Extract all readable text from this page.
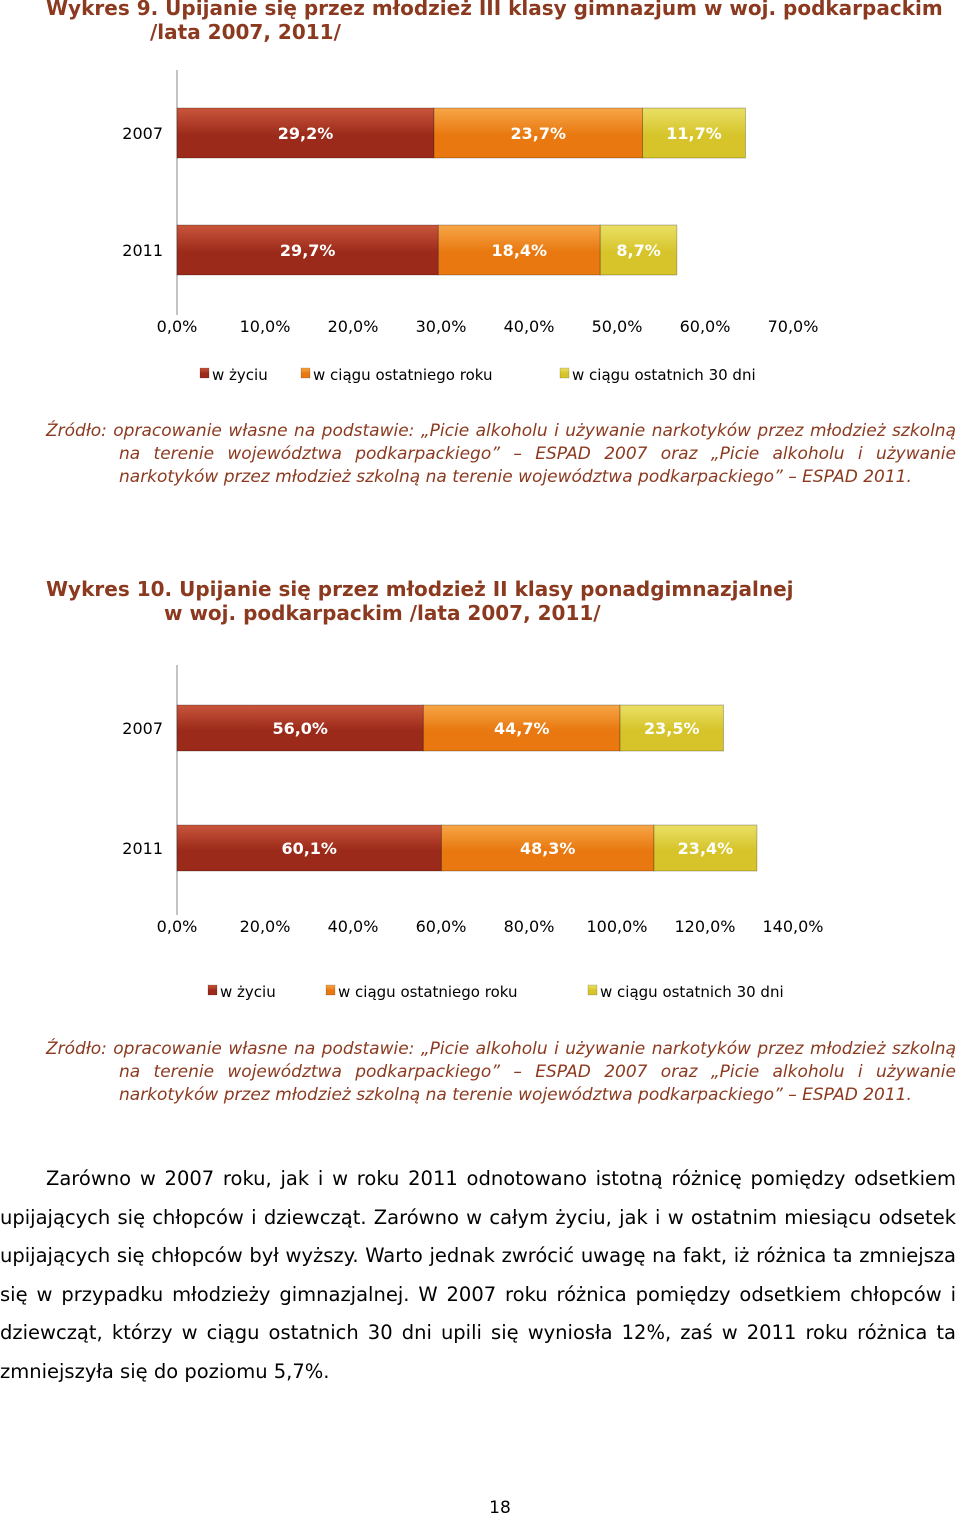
Wykres 9. Upijanie się przez młodzież III klasy gimnazjum w woj. podkarpackim
/lata 2007, 2011/
2007	29,2%	23,7%	11,7%
2011	29,7%	18,4%	8,7%
0,0%	10,0% 20,0% 30,0% 40,0% 50,0% 60,0% 70,0%
w życiu	w ciągu ostatniego roku	w ciągu ostatnich 30 dni
Źródło: opracowanie własne na podstawie: „Picie alkoholu i używanie narkotyków przez młodzież szkolną na terenie województwa podkarpackiego” – ESPAD 2007 oraz „Picie alkoholu i używanie narkotyków przez młodzież szkolną na terenie województwa podkarpackiego” – ESPAD 2011.
Wykres 10. Upijanie się przez młodzież II klasy ponadgimnazjalnej
w woj. podkarpackim /lata 2007, 2011/
2007	56,0%	44,7%	23,5%
2011	60,1%	48,3%	23,4%
0,0%	20,0% 40,0% 60,0% 80,0% 100,0% 120,0% 140,0%
w życiu	w ciągu ostatniego roku	w ciągu ostatnich 30 dni
Źródło: opracowanie własne na podstawie: „Picie alkoholu i używanie narkotyków przez młodzież szkolną na terenie województwa podkarpackiego” – ESPAD 2007 oraz „Picie alkoholu i używanie narkotyków przez młodzież szkolną na terenie województwa podkarpackiego” – ESPAD 2011.
Zarówno w 2007 roku, jak i w roku 2011 odnotowano istotną różnicę pomiędzy odsetkiem upijających się chłopców i dziewcząt. Zarówno w całym życiu, jak i w ostatnim miesiącu odsetek upijających się chłopców był wyższy. Warto jednak zwrócić uwagę na fakt, iż różnica ta zmniejsza się w przypadku młodzieży gimnazjalnej. W 2007 roku różnica pomiędzy odsetkiem chłopców i dziewcząt, którzy w ciągu ostatnich 30 dni upili się wyniosła 12%, zaś w 2011 roku różnica ta zmniejszyła się do poziomu 5,7%.
18
